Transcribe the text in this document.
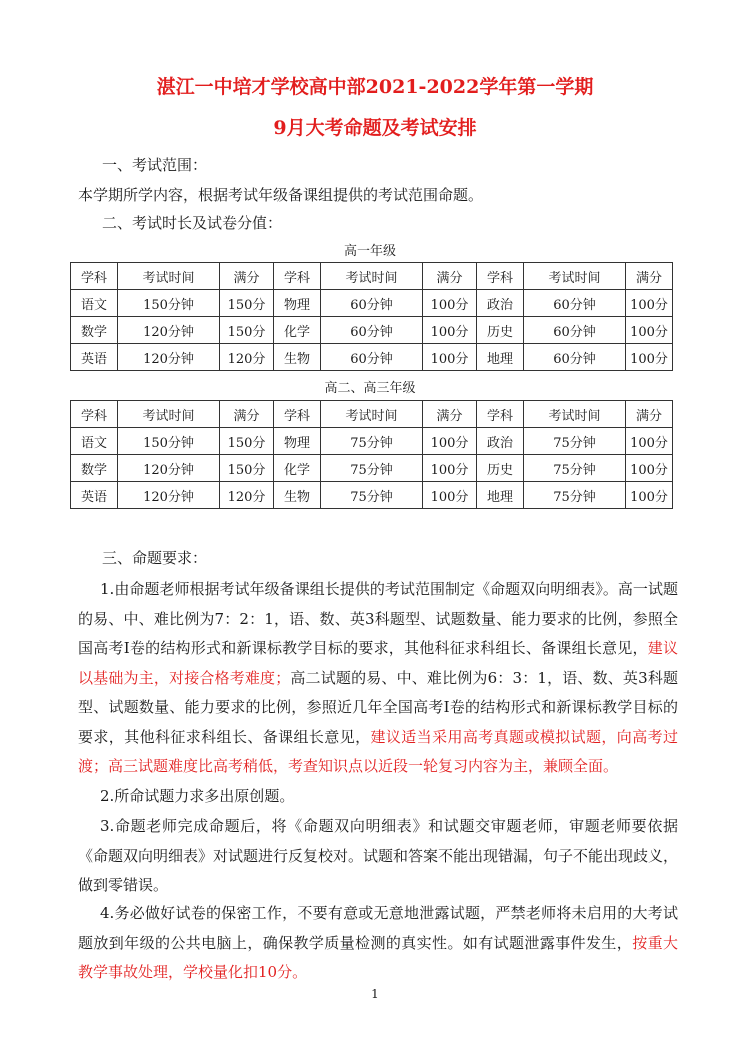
湛江一中培才学校高中部2021-2022学年第一学期
9月大考命题及考试安排

一、考试范围：

本学期所学内容，根据考试年级备课组提供的考试范围命题。

二、考试时长及试卷分值：

高一年级

学科	考试时间	满分	学科	考试时间	满分	学科	考试时间	满分
语文	150分钟	150分	物理	60分钟	100分	政治	60分钟	100分
数学	120分钟	150分	化学	60分钟	100分	历史	60分钟	100分
英语	120分钟	120分	生物	60分钟	100分	地理	60分钟	100分

高二、高三年级

学科	考试时间	满分	学科	考试时间	满分	学科	考试时间	满分
语文	150分钟	150分	物理	75分钟	100分	政治	75分钟	100分
数学	120分钟	150分	化学	75分钟	100分	历史	75分钟	100分
英语	120分钟	120分	生物	75分钟	100分	地理	75分钟	100分

三、命题要求：

1.由命题老师根据考试年级备课组长提供的考试范围制定《命题双向明细表》。高一试题的易、中、难比例为7：2：1，语、数、英3科题型、试题数量、能力要求的比例，参照全国高考Ⅰ卷的结构形式和新课标教学目标的要求，其他科征求科组长、备课组长意见，建议以基础为主，对接合格考难度；高二试题的易、中、难比例为6：3：1，语、数、英3科题型、试题数量、能力要求的比例，参照近几年全国高考Ⅰ卷的结构形式和新课标教学目标的要求，其他科征求科组长、备课组长意见，建议适当采用高考真题或模拟试题，向高考过渡；高三试题难度比高考稍低，考查知识点以近段一轮复习内容为主，兼顾全面。

2.所命试题力求多出原创题。

3.命题老师完成命题后，将《命题双向明细表》和试题交审题老师，审题老师要依据《命题双向明细表》对试题进行反复校对。试题和答案不能出现错漏，句子不能出现歧义，做到零错误。

4.务必做好试卷的保密工作，不要有意或无意地泄露试题，严禁老师将未启用的大考试题放到年级的公共电脑上，确保教学质量检测的真实性。如有试题泄露事件发生，按重大教学事故处理，学校量化扣10分。

1
